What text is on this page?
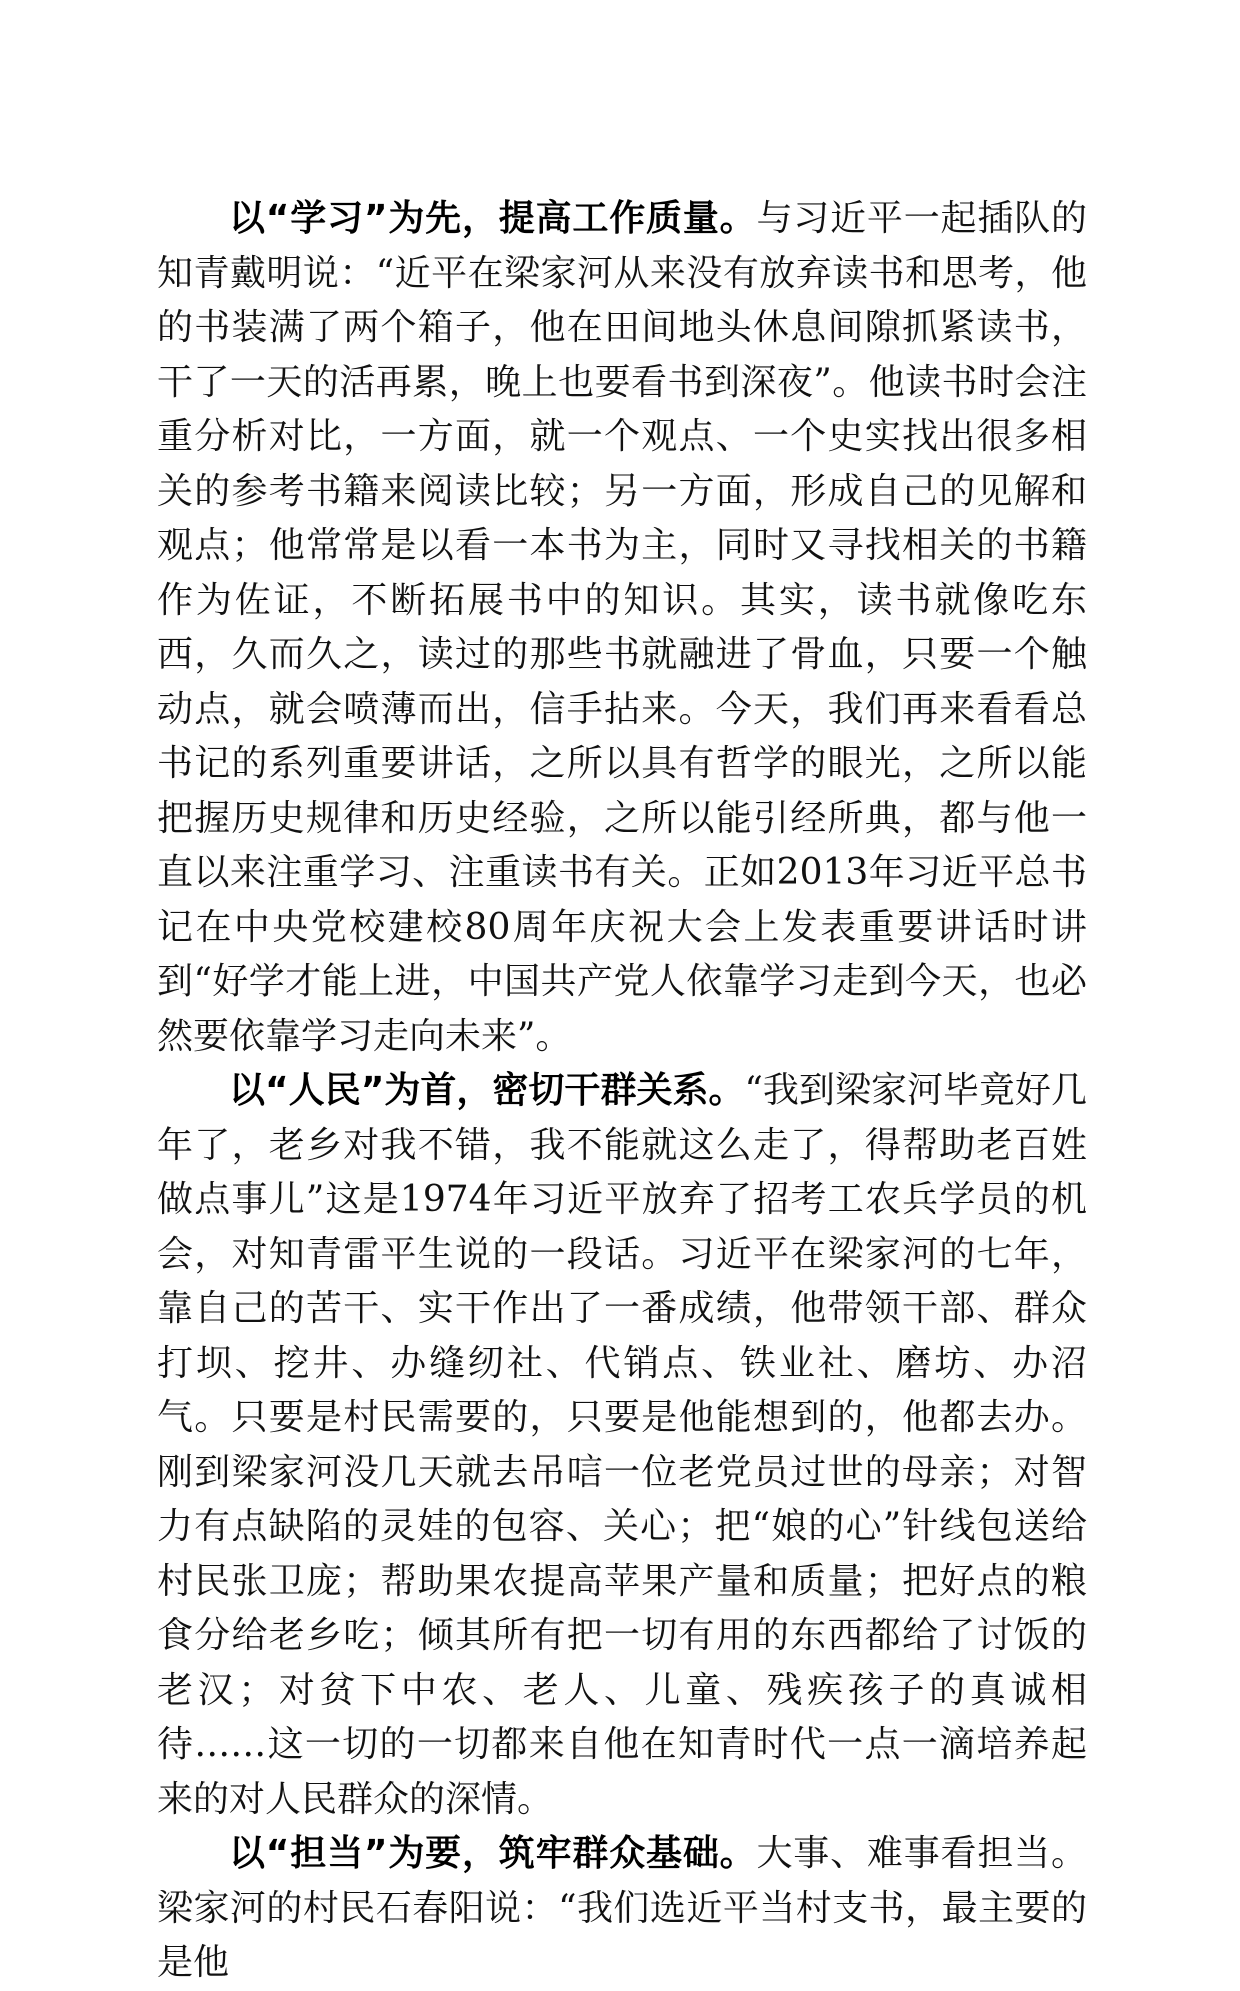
以“学习”为先，提高工作质量。与习近平一起插队的知青戴明说：“近平在梁家河从来没有放弃读书和思考，他的书装满了两个箱子，他在田间地头休息间隙抓紧读书，干了一天的活再累，晚上也要看书到深夜”。他读书时会注重分析对比，一方面，就一个观点、一个史实找出很多相关的参考书籍来阅读比较；另一方面，形成自己的见解和观点；他常常是以看一本书为主，同时又寻找相关的书籍作为佐证，不断拓展书中的知识。其实，读书就像吃东西，久而久之，读过的那些书就融进了骨血，只要一个触动点，就会喷薄而出，信手拈来。今天，我们再来看看总书记的系列重要讲话，之所以具有哲学的眼光，之所以能把握历史规律和历史经验，之所以能引经所典，都与他一直以来注重学习、注重读书有关。正如2013年习近平总书记在中央党校建校80周年庆祝大会上发表重要讲话时讲到“好学才能上进，中国共产党人依靠学习走到今天，也必然要依靠学习走向未来”。

以“人民”为首，密切干群关系。“我到梁家河毕竟好几年了，老乡对我不错，我不能就这么走了，得帮助老百姓做点事儿”这是1974年习近平放弃了招考工农兵学员的机会，对知青雷平生说的一段话。习近平在梁家河的七年，靠自己的苦干、实干作出了一番成绩，他带领干部、群众打坝、挖井、办缝纫社、代销点、铁业社、磨坊、办沼气。只要是村民需要的，只要是他能想到的，他都去办。刚到梁家河没几天就去吊唁一位老党员过世的母亲；对智力有点缺陷的灵娃的包容、关心；把“娘的心”针线包送给村民张卫庞；帮助果农提高苹果产量和质量；把好点的粮食分给老乡吃；倾其所有把一切有用的东西都给了讨饭的老汉；对贫下中农、老人、儿童、残疾孩子的真诚相待……这一切的一切都来自他在知青时代一点一滴培养起来的对人民群众的深情。

以“担当”为要，筑牢群众基础。大事、难事看担当。梁家河的村民石春阳说：“我们选近平当村支书，最主要的是他
